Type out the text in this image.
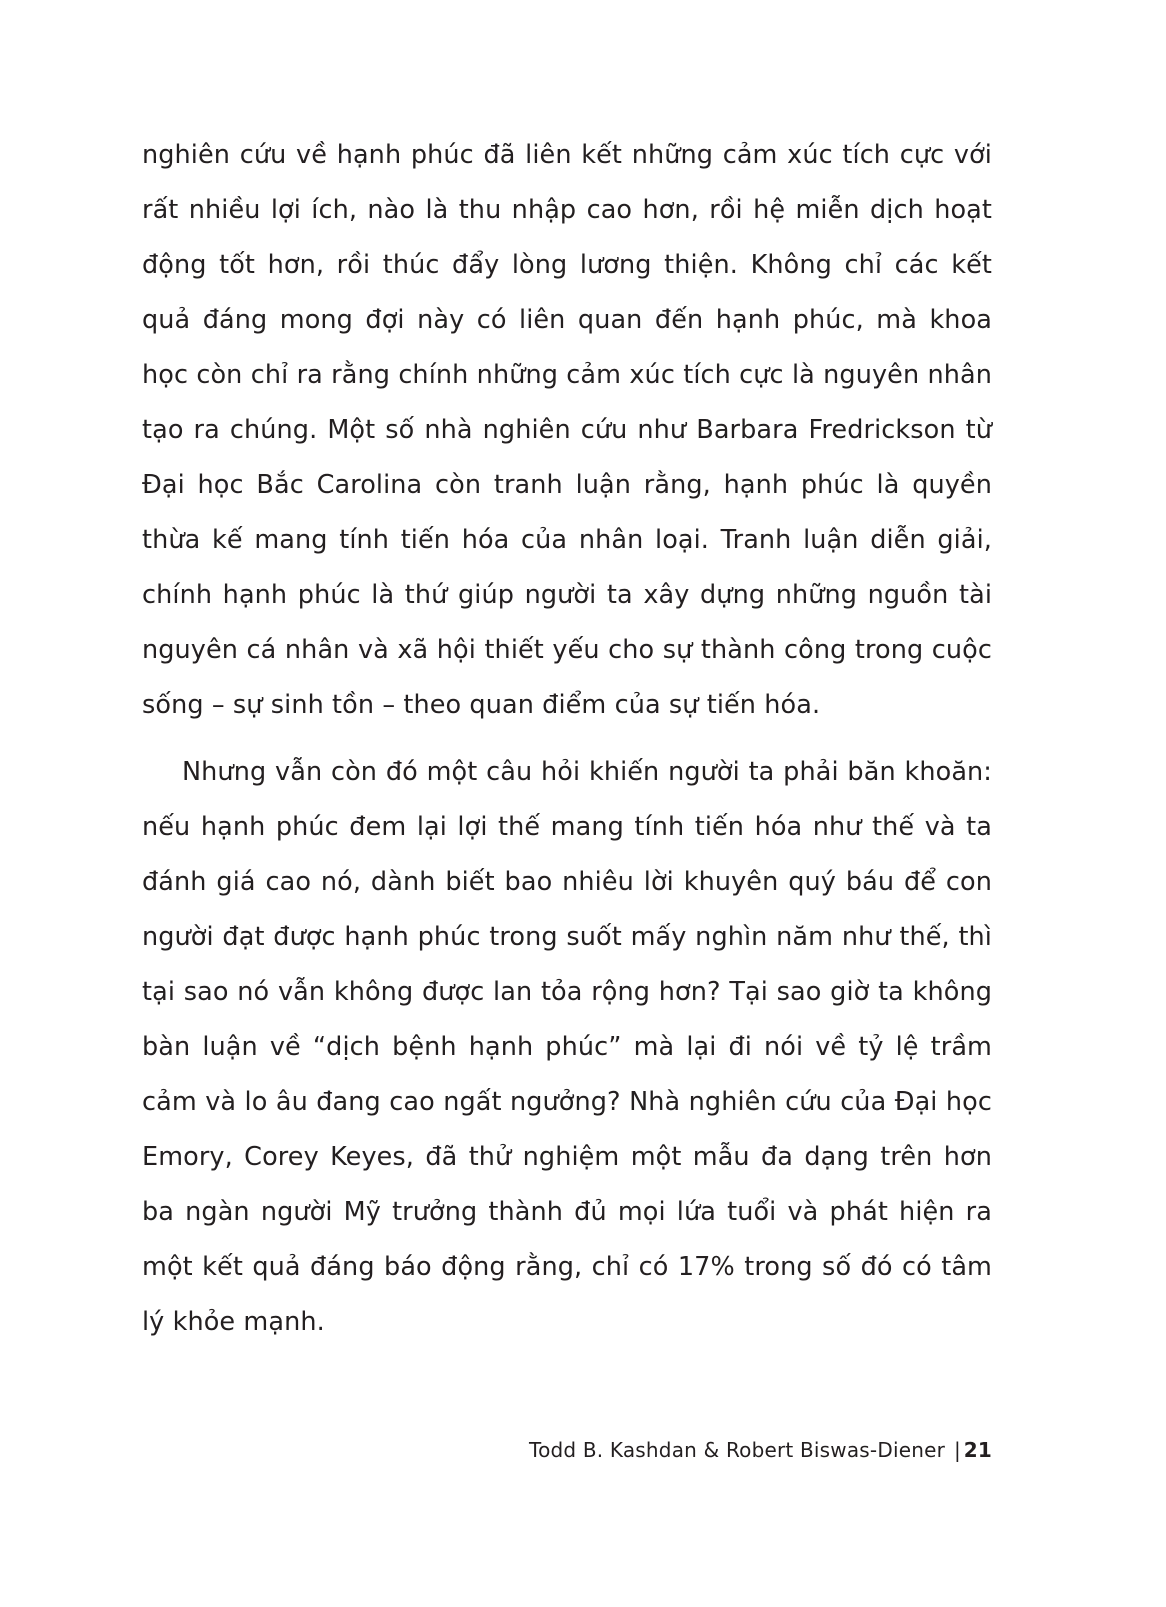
nghiên cứu về hạnh phúc đã liên kết những cảm xúc tích cực với rất nhiều lợi ích, nào là thu nhập cao hơn, rồi hệ miễn dịch hoạt động tốt hơn, rồi thúc đẩy lòng lương thiện. Không chỉ các kết quả đáng mong đợi này có liên quan đến hạnh phúc, mà khoa học còn chỉ ra rằng chính những cảm xúc tích cực là nguyên nhân tạo ra chúng. Một số nhà nghiên cứu như Barbara Fredrickson từ Đại học Bắc Carolina còn tranh luận rằng, hạnh phúc là quyền thừa kế mang tính tiến hóa của nhân loại. Tranh luận diễn giải, chính hạnh phúc là thứ giúp người ta xây dựng những nguồn tài nguyên cá nhân và xã hội thiết yếu cho sự thành công trong cuộc sống – sự sinh tồn – theo quan điểm của sự tiến hóa.

Nhưng vẫn còn đó một câu hỏi khiến người ta phải băn khoăn: nếu hạnh phúc đem lại lợi thế mang tính tiến hóa như thế và ta đánh giá cao nó, dành biết bao nhiêu lời khuyên quý báu để con người đạt được hạnh phúc trong suốt mấy nghìn năm như thế, thì tại sao nó vẫn không được lan tỏa rộng hơn? Tại sao giờ ta không bàn luận về “dịch bệnh hạnh phúc” mà lại đi nói về tỷ lệ trầm cảm và lo âu đang cao ngất ngưởng? Nhà nghiên cứu của Đại học Emory, Corey Keyes, đã thử nghiệm một mẫu đa dạng trên hơn ba ngàn người Mỹ trưởng thành đủ mọi lứa tuổi và phát hiện ra một kết quả đáng báo động rằng, chỉ có 17% trong số đó có tâm lý khỏe mạnh.

Todd B. Kashdan & Robert Biswas-Diener | 21
